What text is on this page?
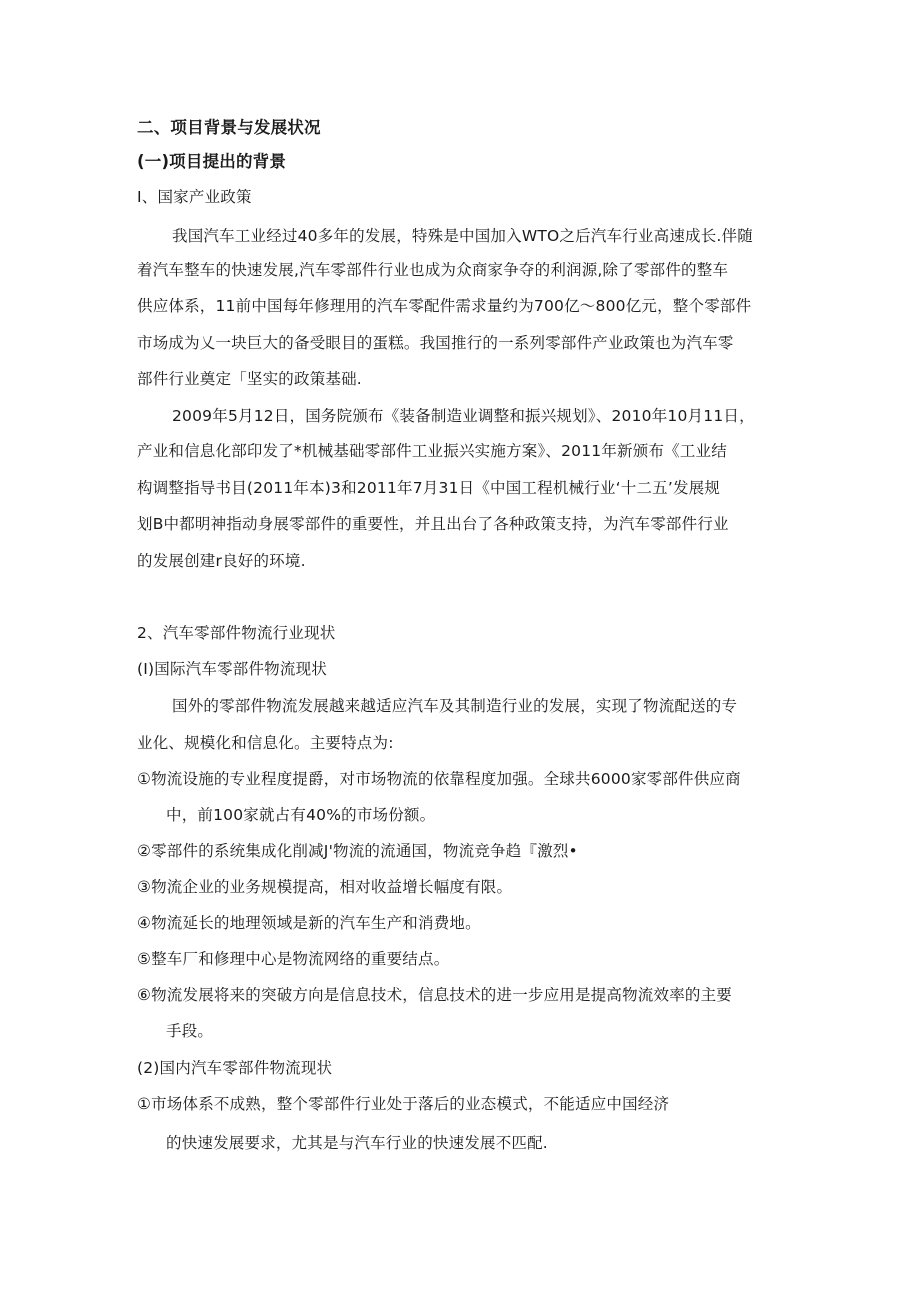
二、项目背景与发展状况
(一)项目提出的背景
I、国家产业政策
我国汽车工业经过40多年的发展，特殊是中国加入WTO之后汽车行业高速成长.伴随
着汽车整车的快速发展,汽车零部件行业也成为众商家争夺的利润源,除了零部件的整车
供应体系，11前中国每年修理用的汽车零配件需求量约为700亿～800亿元，整个零部件
市场成为乂一块巨大的备受眼目的蛋糕。我国推行的一系列零部件产业政策也为汽车零
部件行业奠定「坚实的政策基础.
2009年5月12日，国务院颁布《装备制造业调整和振兴规划》、2010年10月11日，
产业和信息化部印发了*机械基础零部件工业振兴实施方案》、2011年新颁布《工业结
构调整指导书目(2011年本)3和2011年7月31日《中国工程机械行业‘十二五’发展规
划B中都明神指动身展零部件的重要性，并且出台了各种政策支持，为汽车零部件行业
的发展创建r良好的环境.
2、汽车零部件物流行业现状
(I)国际汽车零部件物流现状
国外的零部件物流发展越来越适应汽车及其制造行业的发展，实现了物流配送的专
业化、规模化和信息化。主要特点为:
①物流设施的专业程度提爵，对市场物流的依靠程度加强。全球共6000家零部件供应商
中，前100家就占有40%的市场份额。
②零部件的系统集成化削减J'物流的流通国，物流竞争趋『激烈•
③物流企业的业务规模提高，相对收益增长幅度有限。
④物流延长的地理领域是新的汽车生产和消费地。
⑤整车厂和修理中心是物流网络的重要结点。
⑥物流发展将来的突破方向是信息技术，信息技术的进一步应用是提高物流效率的主要
手段。
(2)国内汽车零部件物流现状
①市场体系不成熟，整个零部件行业处于落后的业态模式，不能适应中国经济
的快速发展要求，尤其是与汽车行业的快速发展不匹配.
